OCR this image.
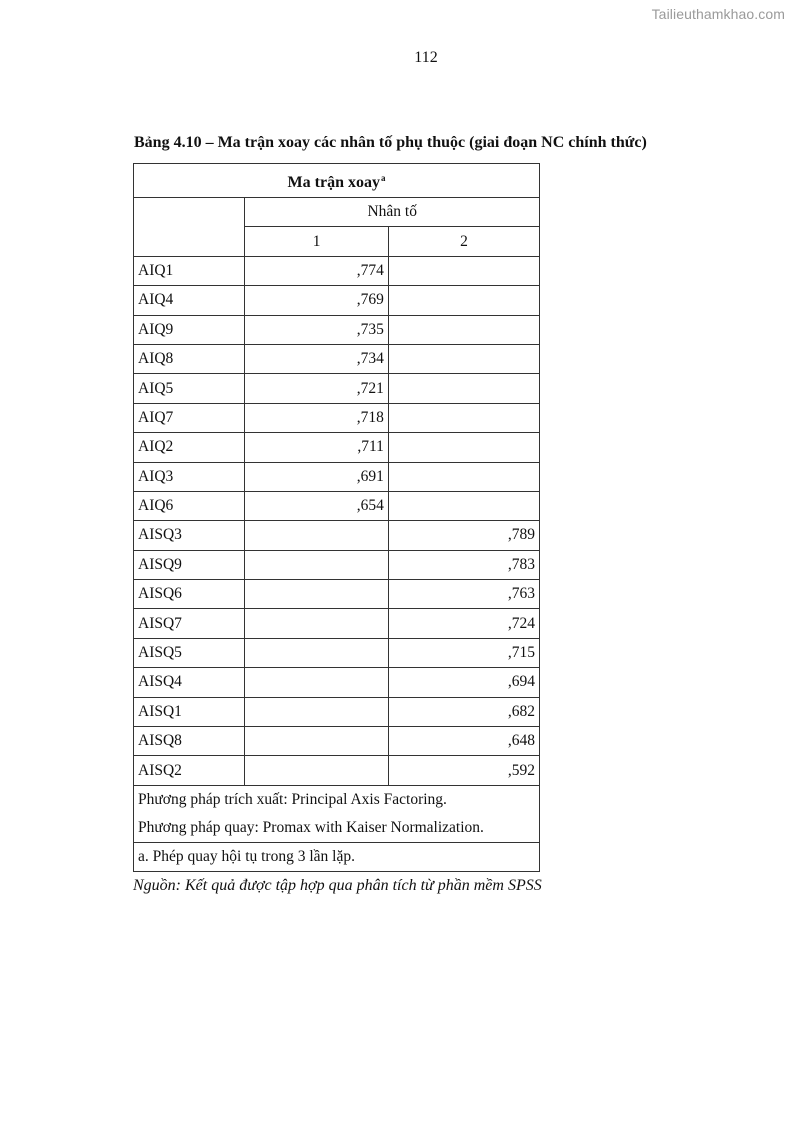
Tailieuthamkhao.com
112
Bảng 4.10 – Ma trận xoay các nhân tố phụ thuộc (giai đoạn NC chính thức)
Ma trận xoay$^a$
	Nhân tố	
	1	2
AIQ1	,774	
AIQ4	,769	
AIQ9	,735	
AIQ8	,734	
AIQ5	,721	
AIQ7	,718	
AIQ2	,711	
AIQ3	,691	
AIQ6	,654	
AISQ3		,789
AISQ9		,783
AISQ6		,763
AISQ7		,724
AISQ5		,715
AISQ4		,694
AISQ1		,682
AISQ8		,648
AISQ2		,592

Phương pháp trích xuất: Principal Axis Factoring.
Phương pháp quay: Promax with Kaiser Normalization.		

a. Phép quay hội tụ trong 3 lần lặp.		
Nguồn: Kết quả được tập hợp qua phân tích từ phần mềm SPSS
